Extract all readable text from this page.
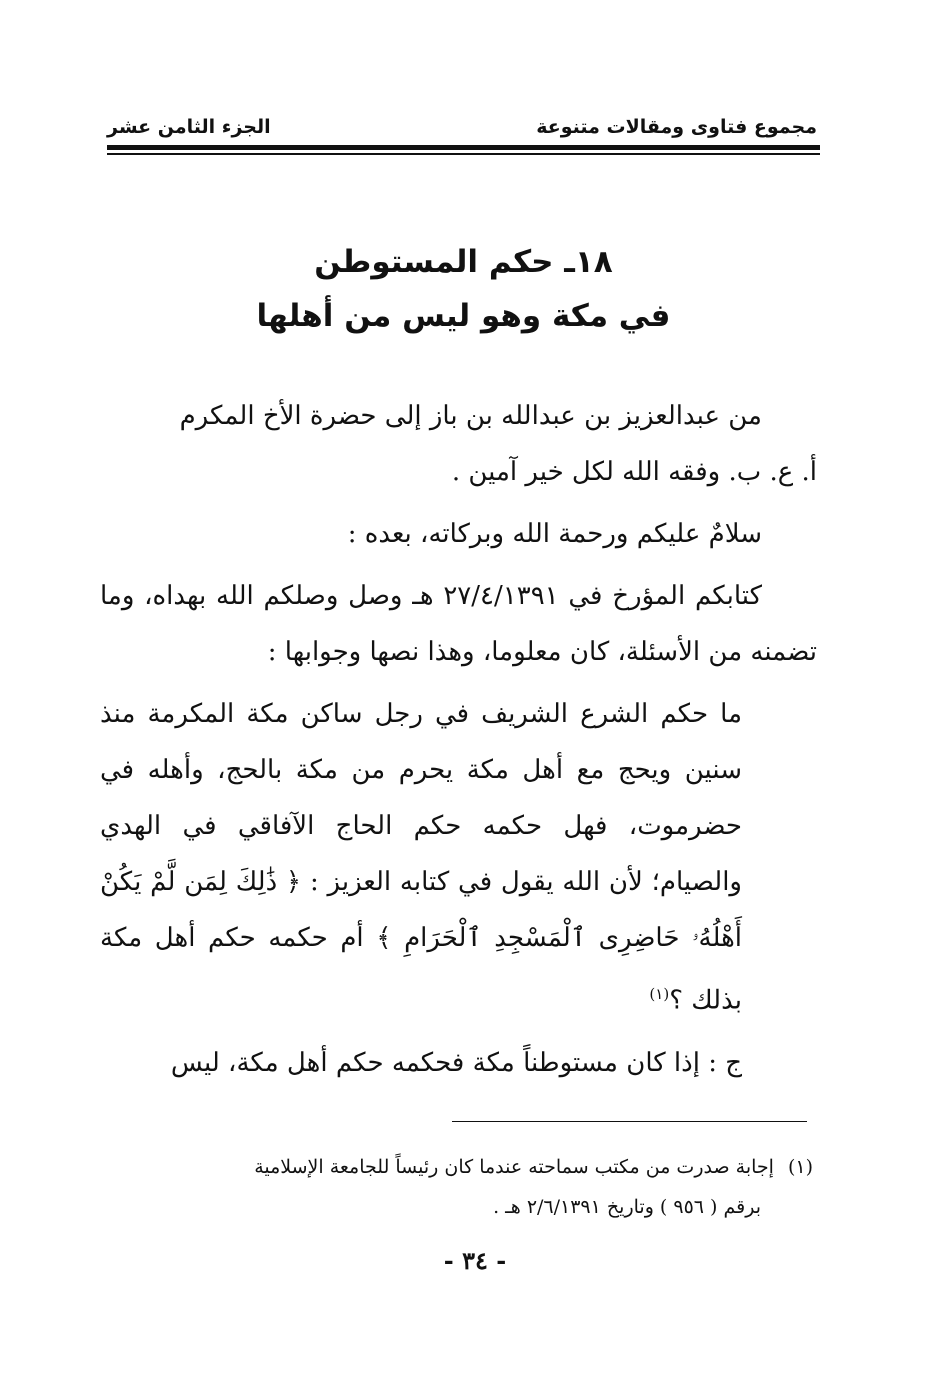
مجموع فتاوى ومقالات متنوعة
الجزء الثامن عشر
١٨ـ حكم المستوطن
في مكة وهو ليس من أهلها
من عبدالعزيز بن عبدالله بن باز إلى حضرة الأخ المكرم
أ. ع. ب. وفقه الله لكل خير آمين .
سلامٌ عليكم ورحمة الله وبركاته، بعده :
كتابكم المؤرخ في ٢٧/٤/١٣٩١ هـ وصل وصلكم الله بهداه، وما تضمنه من الأسئلة، كان معلوما، وهذا نصها وجوابها :
ما حكم الشرع الشريف في رجل ساكن مكة المكرمة منذ سنين ويحج مع أهل مكة يحرم من مكة بالحج، وأهله في حضرموت، فهل حكمه حكم الحاج الآفاقي في الهدي والصيام؛ لأن الله يقول في كتابه العزيز : ﴿ ذَٰلِكَ لِمَن لَّمْ يَكُنْ أَهْلُهُۥ حَاضِرِى ٱلْمَسْجِدِ ٱلْحَرَامِ ﴾ أم حكمه حكم أهل مكة بذلك ؟$^{(١)}$
ج : إذا كان مستوطناً مكة فحكمه حكم أهل مكة، ليس
(١)إجابة صدرت من مكتب سماحته عندما كان رئيساً للجامعة الإسلامية
برقم ( ٩٥٦ ) وتاريخ ٢/٦/١٣٩١ هـ .
- ٣٤ -
